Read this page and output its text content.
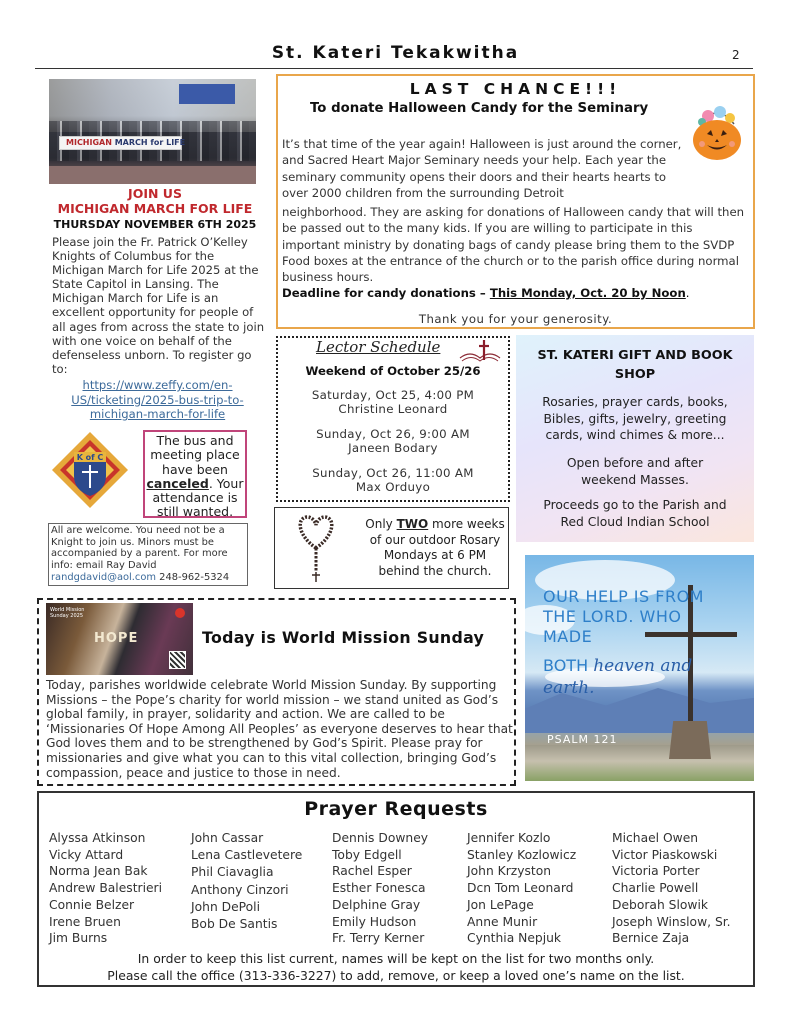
St. Kateri Tekakwitha	2
MICHIGAN MARCH for LIFE
JOIN US
MICHIGAN MARCH FOR LIFE
THURSDAY NOVEMBER 6TH 2025
Please join the Fr. Patrick O’Kelley Knights of Columbus for the Michigan March for Life 2025 at the State Capitol in Lansing. The Michigan March for Life is an excellent opportunity for people of all ages from across the state to join with one voice on behalf of the defenseless unborn. To register go to:
https://www.zeffy.com/en-US/ticketing/2025-bus-trip-to-michigan-march-for-life
K of C
The bus and meeting place have been canceled. Your attendance is still wanted.
All are welcome. You need not be a Knight to join us. Minors must be accompanied by a parent. For more info: email Ray David
randgdavid@aol.com 248-962-5324
LAST CHANCE!!!
To donate Halloween Candy for the Seminary
It’s that time of the year again! Halloween is just around the corner, and Sacred Heart Major Seminary needs your help. Each year the seminary community opens their doors and their hearts hearts to over 2000 children from the surrounding Detroit
neighborhood. They are asking for donations of Halloween candy that will then be passed out to the many kids. If you are willing to participate in this important ministry by donating bags of candy please bring them to the SVDP Food boxes at the entrance of the church or to the parish office during normal business hours.
Deadline for candy donations – This Monday, Oct. 20 by Noon.
Thank you for your generosity.
Lector Schedule
Weekend of October 25/26
Saturday, Oct 25, 4:00 PM
Christine Leonard
Sunday, Oct 26, 9:00 AM
Janeen Bodary
Sunday, Oct 26, 11:00 AM
Max Orduyo
Only TWO more weeks of our outdoor Rosary Mondays at 6 PM behind the church.
ST. KATERI GIFT AND BOOK SHOP
Rosaries, prayer cards, books, Bibles, gifts, jewelry, greeting cards, wind chimes & more...
Open before and after weekend Masses.
Proceeds go to the Parish and Red Cloud Indian School
OUR HELP IS FROM THE LORD. WHO MADE
BOTH heaven and earth.
PSALM 121
World Mission Sunday 2025
HOPE	Today is World Mission Sunday
Today, parishes worldwide celebrate World Mission Sunday. By supporting Missions – the Pope’s charity for world mission – we stand united as God’s global family, in prayer, solidarity and action. We are called to be ‘Missionaries Of Hope Among All Peoples’ as everyone deserves to hear that God loves them and to be strengthened by God’s Spirit. Please pray for missionaries and give what you can to this vital collection, bringing God’s compassion, peace and justice to those in need.
Prayer Requests
Alyssa Atkinson
Vicky Attard
Norma Jean Bak
Andrew Balestrieri
Connie Belzer
Irene Bruen
Jim Burns
John Cassar
Lena Castlevetere
Phil Ciavaglia
Anthony Cinzori
John DePoli
Bob De Santis
Dennis Downey
Toby Edgell
Rachel Esper
Esther Fonesca
Delphine Gray
Emily Hudson
Fr. Terry Kerner
Jennifer Kozlo
Stanley Kozlowicz
John Krzyston
Dcn Tom Leonard
Jon LePage
Anne Munir
Cynthia Nepjuk
Michael Owen
Victor Piaskowski
Victoria Porter
Charlie Powell
Deborah Slowik
Joseph Winslow, Sr.
Bernice Zaja
In order to keep this list current, names will be kept on the list for two months only.
Please call the office (313-336-3227) to add, remove, or keep a loved one’s name on the list.
